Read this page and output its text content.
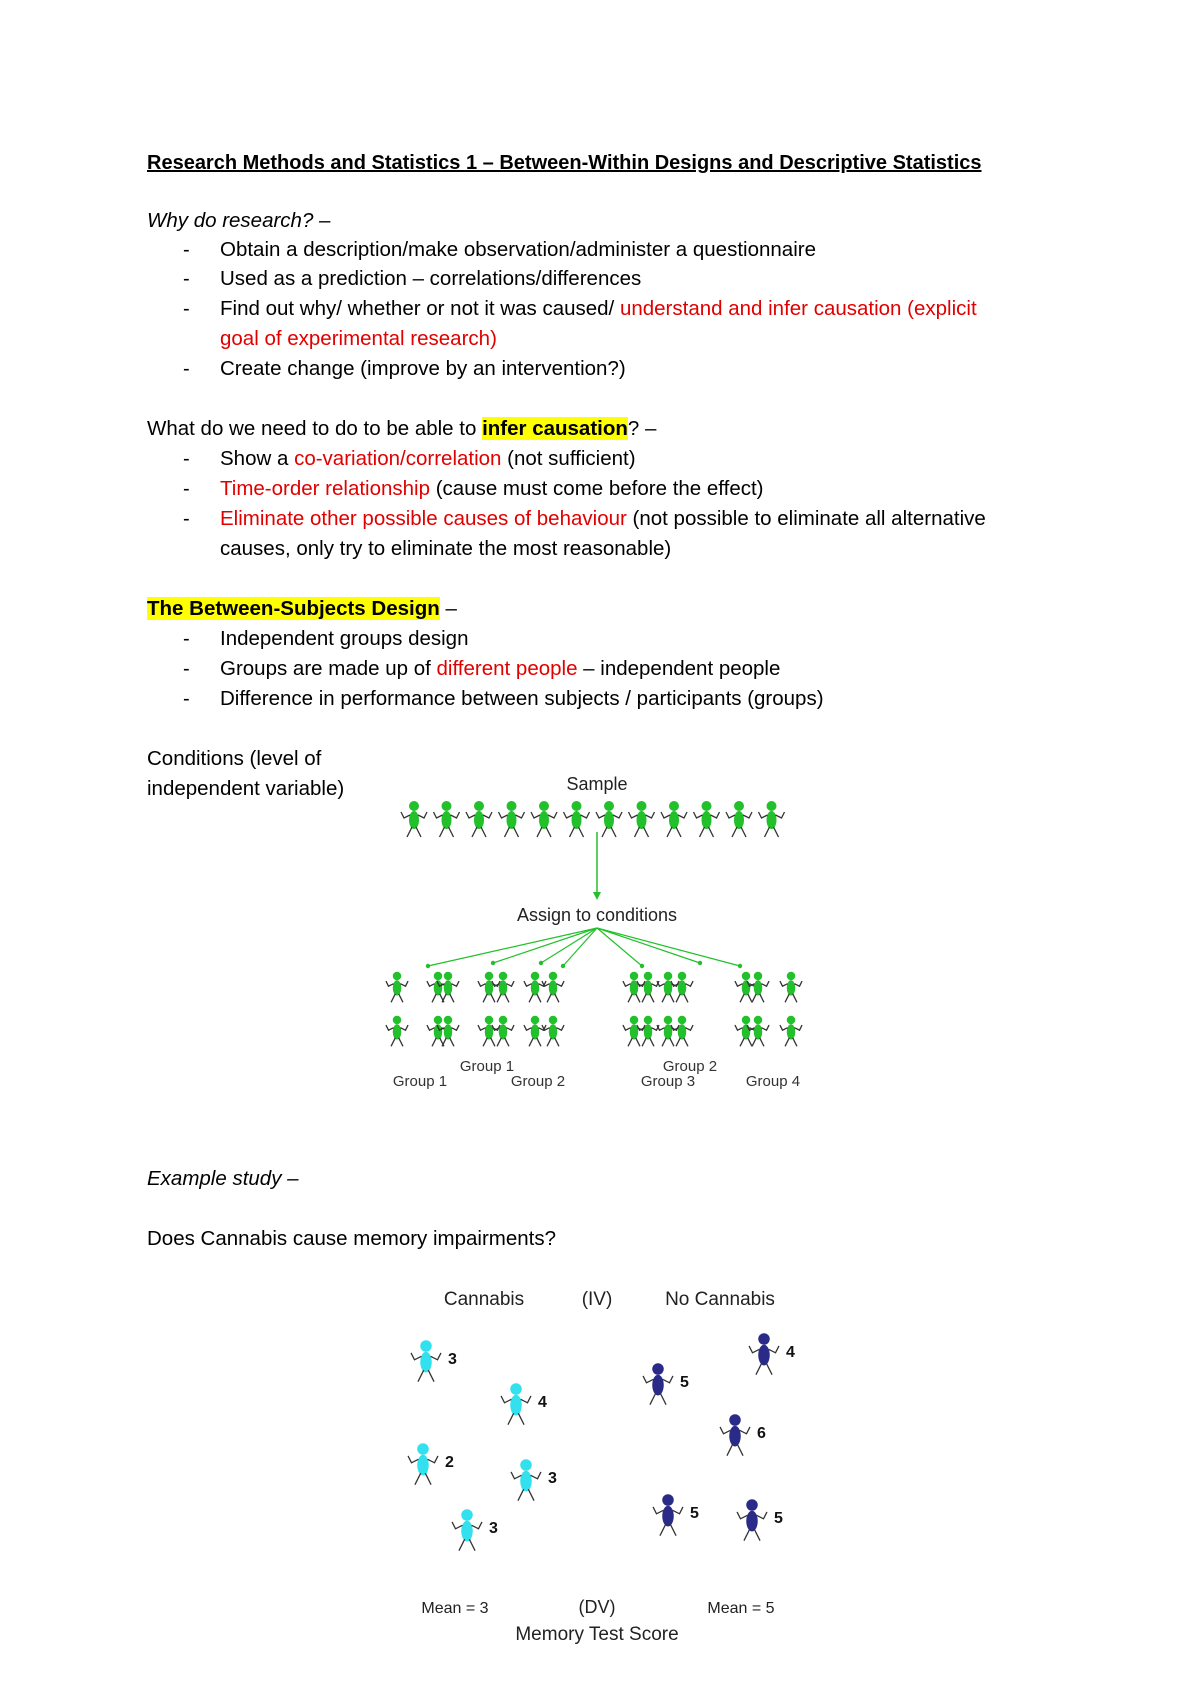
Research Methods and Statistics 1 – Between-Within Designs and Descriptive Statistics
Why do research? –
- Obtain a description/make observation/administer a questionnaire
- Used as a prediction – correlations/differences
- Find out why/ whether or not it was caused/ understand and infer causation (explicit
goal of experimental research)
- Create change (improve by an intervention?)
What do we need to do to be able to infer causation? –
- Show a co-variation/correlation (not sufficient)
- Time-order relationship (cause must come before the effect)
- Eliminate other possible causes of behaviour (not possible to eliminate all alternative
causes, only try to eliminate the most reasonable)
The Between-Subjects Design –
- Independent groups design
- Groups are made up of different people – independent people
- Difference in performance between subjects / participants (groups)
Conditions (level of
independent variable)	Sample
Assign to conditions
Group 1	Group 2
Group 1	Group 2	Group 3	Group 4
Example study –
Does Cannabis cause memory impairments?
Cannabis	(IV)	No Cannabis
Mean = 3	(DV)	Mean = 5
Memory Test Score
3
4
2
3
3
5
4
6
5	5
